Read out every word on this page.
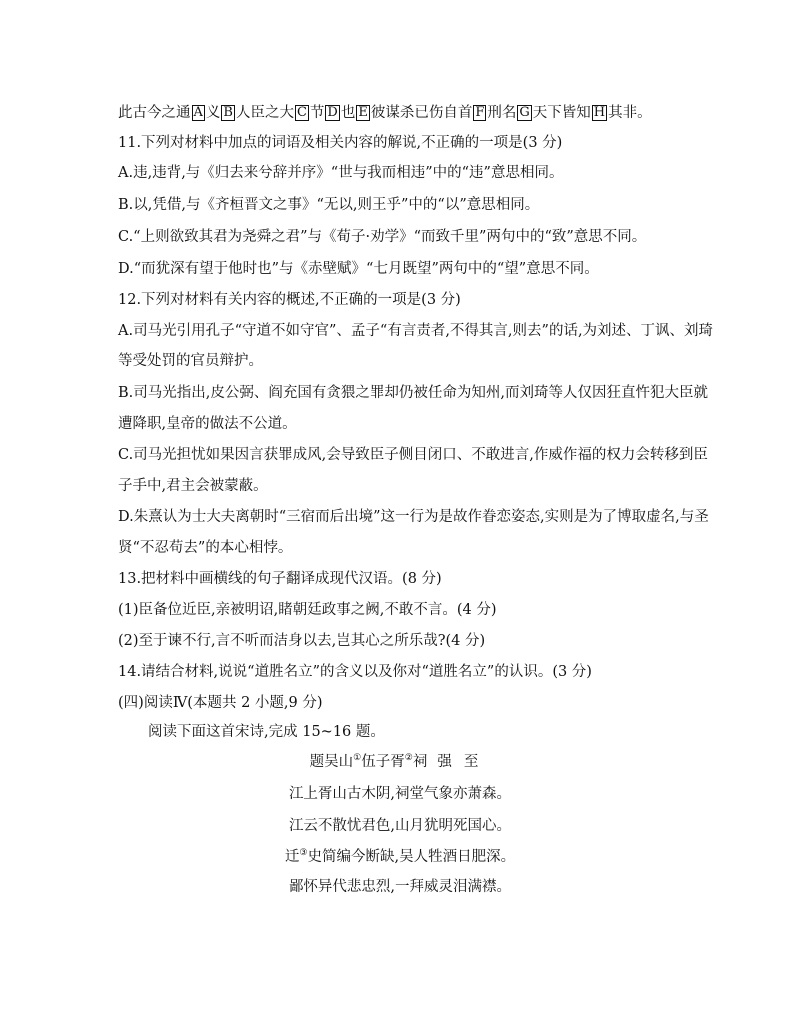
此古今之通 A 义 B 人臣之大 C 节 D 也 E 彼谋杀已伤自首 F 刑名 G 天下皆知 H 其非。
11.下列对材料中加点的词语及相关内容的解说,不正确的一项是(3 分)
A.违,违背,与《归去来兮辞并序》“世与我而相违”中的“违”意思相同。
B.以,凭借,与《齐桓晋文之事》“无以,则王乎”中的“以”意思相同。
C.“上则欲致其君为尧舜之君”与《荀子·劝学》“而致千里”两句中的“致”意思不同。
D.“而犹深有望于他时也”与《赤壁赋》“七月既望”两句中的“望”意思不同。
12.下列对材料有关内容的概述,不正确的一项是(3 分)
A.司马光引用孔子“守道不如守官”、孟子“有言责者,不得其言,则去”的话,为刘述、丁讽、刘琦
等受处罚的官员辩护。
B.司马光指出,皮公弼、阎充国有贪猥之罪却仍被任命为知州,而刘琦等人仅因狂直忤犯大臣就
遭降职,皇帝的做法不公道。
C.司马光担忧如果因言获罪成风,会导致臣子侧目闭口、不敢进言,作威作福的权力会转移到臣
子手中,君主会被蒙蔽。
D.朱熹认为士大夫离朝时“三宿而后出境”这一行为是故作眷恋姿态,实则是为了博取虚名,与圣
贤“不忍苟去”的本心相悖。
13.把材料中画横线的句子翻译成现代汉语。(8 分)
(1)臣备位近臣,亲被明诏,睹朝廷政事之阙,不敢不言。(4 分)
(2)至于谏不行,言不听而洁身以去,岂其心之所乐哉?(4 分)
14.请结合材料,说说“道胜名立”的含义以及你对“道胜名立”的认识。(3 分)
(四)阅读Ⅳ(本题共 2 小题,9 分)
阅读下面这首宋诗,完成 15~16 题。
题吴山①伍子胥②祠 强至
江上胥山古木阴,祠堂气象亦萧森。
江云不散忧君色,山月犹明死国心。
迁③史简编今断缺,吴人牲酒日肥深。
鄙怀异代悲忠烈,一拜威灵泪满襟。
